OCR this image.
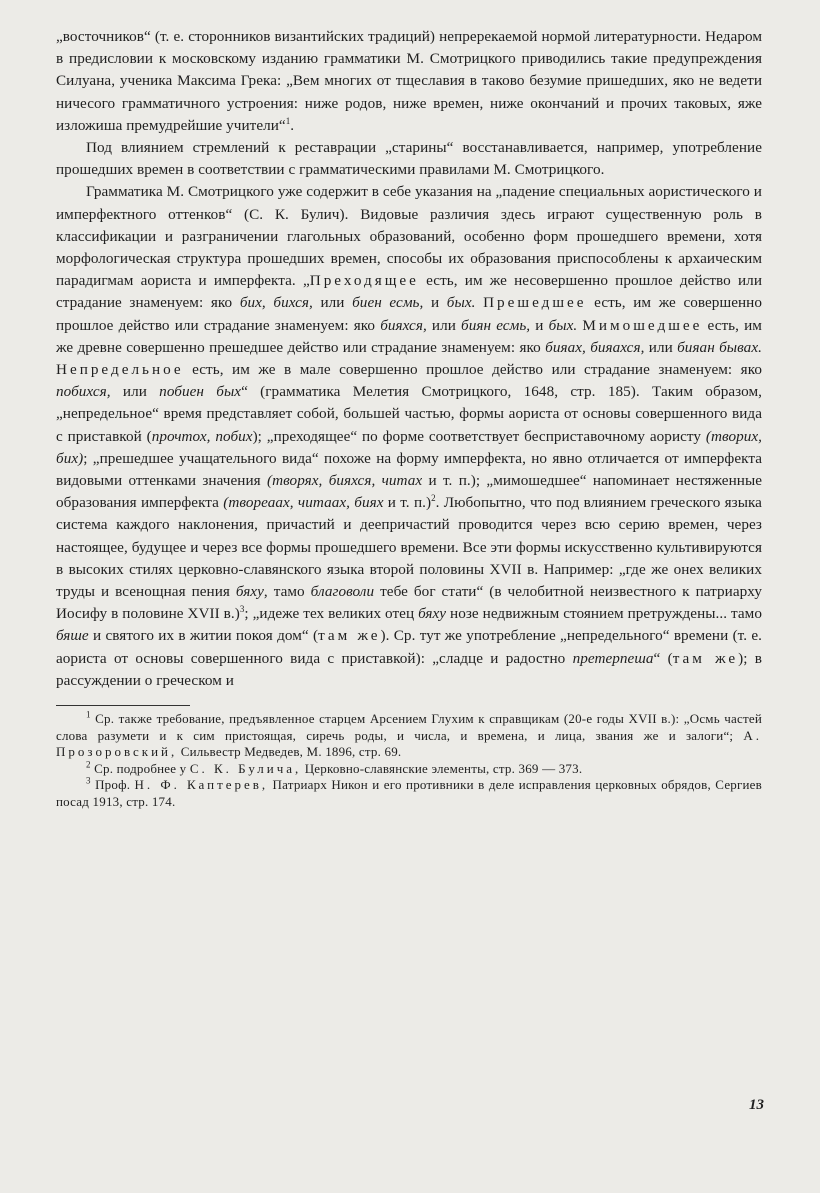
„восточников“ (т. е. сторонников византийских традиций) непререкаемой нормой литературности. Недаром в предисловии к московскому изданию грамматики М. Смотрицкого приводились такие предупреждения Силуана, ученика Максима Грека: „Вем многих от тщеславия в таково безумие пришедших, яко не ведети ничесого грамматичного устроения: ниже родов, ниже времен, ниже окончаний и прочих таковых, яже изложиша премудрейшие учители“$^1$.

Под влиянием стремлений к реставрации „старины“ восстанавливается, например, употребление прошедших времен в соответствии с грамматическими правилами М. Смотрицкого.

Грамматика М. Смотрицкого уже содержит в себе указания на „падение специальных аористического и имперфектного оттенков“ (С. К. Булич). Видовые различия здесь играют существенную роль в классификации и разграничении глагольных образований, особенно форм прошедшего времени, хотя морфологическая структура прошедших времен, способы их образования приспособлены к архаическим парадигмам аориста и имперфекта. „Преходящее есть, им же несовершенно прошлое действо или страдание знаменуем: яко бих, бихся, или биен есмь, и бых. Прешедшее есть, им же совершенно прошлое действо или страдание знаменуем: яко бияхся, или биян есмь, и бых. Мимошедшее есть, им же древне совершенно прешедшее действо или страдание знаменуем: яко бияах, бияахся, или бияан бывах. Непредельное есть, им же в мале совершенно прошлое действо или страдание знаменуем: яко побихся, или побиен бых“ (грамматика Мелетия Смотрицкого, 1648, стр. 185). Таким образом, „непредельное“ время представляет собой, большей частью, формы аориста от основы совершенного вида с приставкой (прочтох, побих); „преходящее“ по форме соответствует бесприставочному аористу (творих, бих); „прешедшее учащательного вида“ похоже на форму имперфекта, но явно отличается от имперфекта видовыми оттенками значения (творях, бияхся, читах и т. п.); „мимошедшее“ напоминает нестяженные образования имперфекта (твореаах, читаах, биях и т. п.)$^2$. Любопытно, что под влиянием греческого языка система каждого наклонения, причастий и деепричастий проводится через всю серию времен, через настоящее, будущее и через все формы прошедшего времени. Все эти формы искусственно культивируются в высоких стилях церковно-славянского языка второй половины XVII в. Например: „где же онех великих труды и всенощная пения бяху, тамо благоволи тебе бог стати“ (в челобитной неизвестного к патриарху Иосифу в половине XVII в.)$^3$; „идеже тех великих отец бяху нозе недвижным стоянием претруждены... тамо бяше и святого их в житии покоя дом“ (там же). Ср. тут же употребление „непредельного“ времени (т. е. аориста от основы совершенного вида с приставкой): „сладце и радостно претерпеша“ (там же); в рассуждении о греческом и

$^1$ Ср. также требование, предъявленное старцем Арсением Глухим к справщикам (20-е годы XVII в.): „Осмь частей слова разумети и к сим пристоящая, сиречь роды, и числа, и времена, и лица, звания же и залоги“; А. Прозоровский, Сильвестр Медведев, М. 1896, стр. 69.

$^2$ Ср. подробнее у С. К. Булича, Церковно-славянские элементы, стр. 369 — 373.

$^3$ Проф. Н. Ф. Каптерев, Патриарх Никон и его противники в деле исправления церковных обрядов, Сергиев посад 1913, стр. 174.

13
